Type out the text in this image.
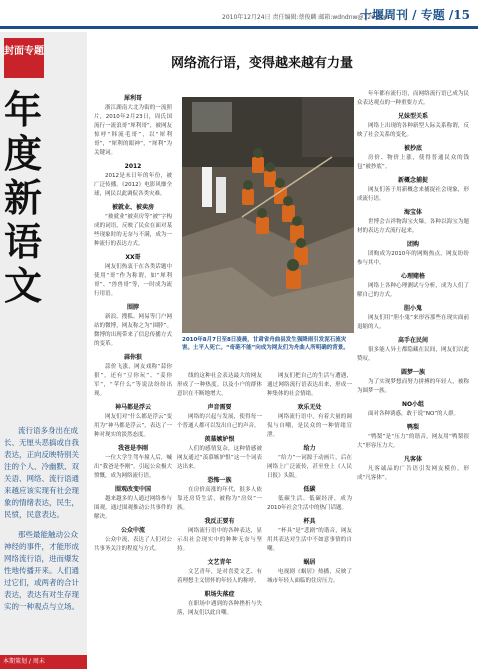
2010年12月24日 责任编辑:蔡俊麟 邮箱:wdndnw@126.com
十堰周刊 / 专题 /15
封面专题
年度新语文

流行语多身出在成长、无厘头恶搞或自我表达，正向反映特别关注的个人、冷幽默、双关语、网络、流行语通来越应该实现有社会现象的情绪表达，民生，民愤，民意表达。

那些最能触动公众神经的事件，才能形成网络流行语，进而爆发性地传播开来。人们通过它们，或两者的合计表达，表达有对生存现实的一种观点与立场。

本期策划 / 周未
网络流行语，变得越来越有力量
2010年8月7日至8日凌晨，甘肃省舟曲县发生强降雨引发泥石流灾害。土平人死亡。“奇葩不能”向成为网友们为舟曲人所明确的背景。
犀利哥

浙江湖南大北为街的一流照片，2010年2月23日，周氏国流行一流浪哥“犀利哥”，被网友惊呼“韩流毛哥”，以“犀利哥”，“犀利的眼神”，“犀利”为关键词。

2012

2012是末日年的年份，被广泛传播。《2012》电影风靡全球，网民以此调侃各类灾难。

被就业、被卖房

“被就业”被卖房等“被”字构成的词语，反映了民众在面对某些现象时的无奈与不满，成为一种流行的表达方式。

XX哥

网友们热衷于在各类话题中使用“哥”作为称谓，如“犀利哥”、“兽兽哥”等，一时成为流行用语。

围脖

新浪、搜狐、网易等门户网站的微博，网友称之为“围脖”。微博的出现带来了信息传播方式的变革。

蒜你狠

蒜价飞涨，网友戏称“蒜你狠”，还有“豆你玩”、“姜你军”，“苹什么”等说法纷纷出现。

神马都是浮云

网友们对“什么都是浮云”变用为“神马都是浮云”，表达了一种对现实的淡然态度。

我爸是李刚

一位大学生驾车撞人后，喊出“我爸是李刚”，引起公众极大愤慨，成为网络流行语。

围观改变中国

越来越多的人通过网络参与围观，通过围观推动公共事件的解决。

公众中流

公众中流，表达了人们对公共事务关注的程度与方式。

线的这种社会表达最大的网友形成了一种热度。以及小户的群体意识在不断地增大。

声音需要

网络的兴起与发展，使得每一个普通人都可以发出自己的声音。

羡慕嫉妒恨

人们的感情复杂，这种情感被网友通过“羡慕嫉妒恨”这一个词表达出来。

恐怖一族

在房价高涨的年代，很多人依靠还房贷生活，被称为“房奴”一族。

我反正要有

网络流行语中的各种表达，显示出社会现实中的种种无奈与坚持。

文艺青年

文艺青年，是对喜爱文艺、有着理想主义情怀的年轻人的称呼。

职场失落症

在职场中遇到的各种挫折与失落，网友们以此自嘲。

网友们把自己的生活与遭遇，通过网络流行语表达出来，形成一种集体的社会情绪。

欢乐无处

网络流行语中，有着大量的调侃与自嘲，是民众的一种情绪宣泄。

给力

“给力”一词源于动画片，后在网络上广泛流传，甚至登上《人民日报》头版。

低碳

低碳生活、低碳经济，成为2010年社会生活中的热门话题。

杯具

“杯具”是“悲剧”的谐音，网友用其表达对生活中不如意事情的自嘲。

蜗居

电视剧《蜗居》热播，反映了城市年轻人面临的住房压力。

年年都有流行语，而网络流行语已成为民众表达观点的一种重要方式。

兄妹型关系

网络上出现的各种新型人际关系称谓，反映了社会关系的变化。

被抄底

房价、物价上涨，使得普通民众的钱包“被抄底”。

新概念捕捉

网友们善于用新概念来捕捉社会现象，形成流行语。

海宝体

世博会吉祥物海宝火爆，各种以海宝为题材的表达方式流行起来。

团购

团购成为2010年的网购热点，网友纷纷参与其中。

心理赌格

网络上各种心理测试与分析，成为人们了解自己的方式。

胆小鬼

网友们用“胆小鬼”来形容那些在现实面前退缩的人。

高手在民间

很多能人异士都隐藏在民间，网友们以此赞叹。

圆梦一族

为了实现梦想而努力拼搏的年轻人，被称为圆梦一族。

NO小组

面对各种诱惑，敢于说“NO”的人群。

鸭梨

“鸭梨”是“压力”的谐音，网友用“鸭梨很大”形容压力大。

凡客体

凡客诚品的广告语引发网友模仿，形成“凡客体”。
